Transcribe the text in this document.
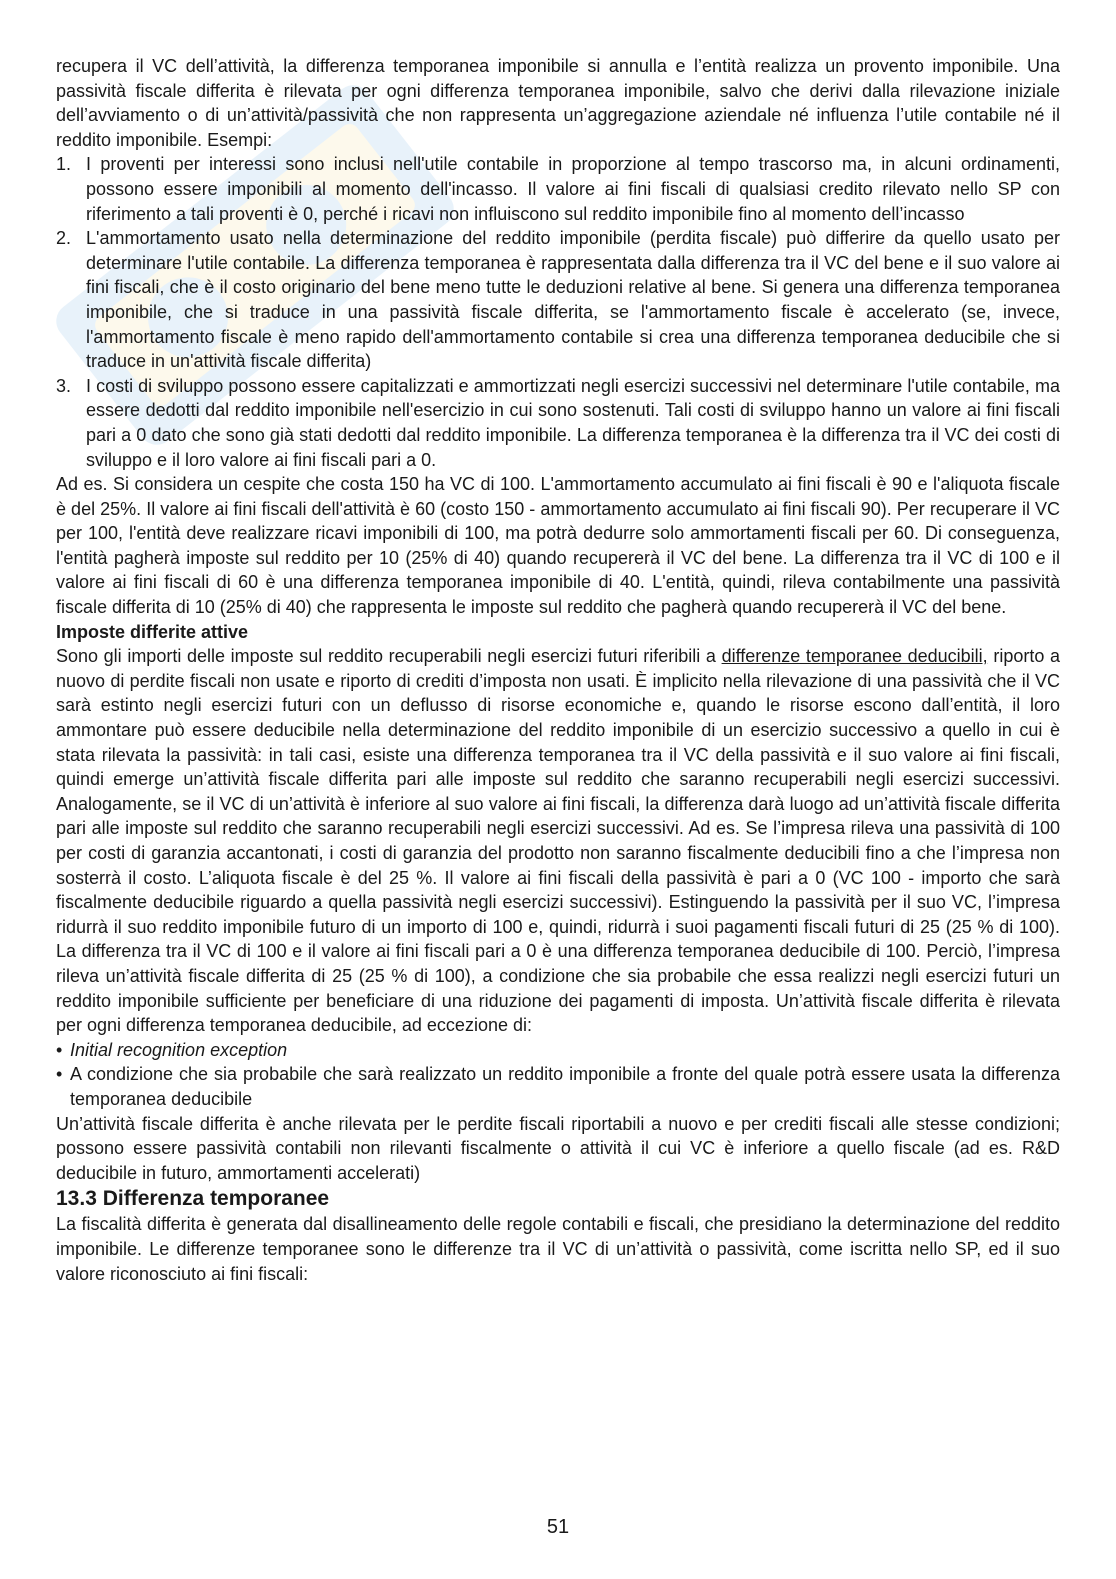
recupera il VC dell’attività, la differenza temporanea imponibile si annulla e l’entità realizza un provento imponibile. Una passività fiscale differita è rilevata per ogni differenza temporanea imponibile, salvo che derivi dalla rilevazione iniziale dell’avviamento o di un’attività/passività che non rappresenta un’aggregazione aziendale né influenza l’utile contabile né il reddito imponibile. Esempi:

1. I proventi per interessi sono inclusi nell'utile contabile in proporzione al tempo trascorso ma, in alcuni ordinamenti, possono essere imponibili al momento dell'incasso. Il valore ai fini fiscali di qualsiasi credito rilevato nello SP con riferimento a tali proventi è 0, perché i ricavi non influiscono sul reddito imponibile fino al momento dell’incasso
2. L'ammortamento usato nella determinazione del reddito imponibile (perdita fiscale) può differire da quello usato per determinare l'utile contabile. La differenza temporanea è rappresentata dalla differenza tra il VC del bene e il suo valore ai fini fiscali, che è il costo originario del bene meno tutte le deduzioni relative al bene. Si genera una differenza temporanea imponibile, che si traduce in una passività fiscale differita, se l'ammortamento fiscale è accelerato (se, invece, l'ammortamento fiscale è meno rapido dell'ammortamento contabile si crea una differenza temporanea deducibile che si traduce in un'attività fiscale differita)
3. I costi di sviluppo possono essere capitalizzati e ammortizzati negli esercizi successivi nel determinare l'utile contabile, ma essere dedotti dal reddito imponibile nell'esercizio in cui sono sostenuti. Tali costi di sviluppo hanno un valore ai fini fiscali pari a 0 dato che sono già stati dedotti dal reddito imponibile. La differenza temporanea è la differenza tra il VC dei costi di sviluppo e il loro valore ai fini fiscali pari a 0.

Ad es. Si considera un cespite che costa 150 ha VC di 100. L'ammortamento accumulato ai fini fiscali è 90 e l'aliquota fiscale è del 25%. Il valore ai fini fiscali dell'attività è 60 (costo 150 - ammortamento accumulato ai fini fiscali 90). Per recuperare il VC per 100, l'entità deve realizzare ricavi imponibili di 100, ma potrà dedurre solo ammortamenti fiscali per 60. Di conseguenza, l'entità pagherà imposte sul reddito per 10 (25% di 40) quando recupererà il VC del bene. La differenza tra il VC di 100 e il valore ai fini fiscali di 60 è una differenza temporanea imponibile di 40. L'entità, quindi, rileva contabilmente una passività fiscale differita di 10 (25% di 40) che rappresenta le imposte sul reddito che pagherà quando recupererà il VC del bene.

Imposte differite attive

Sono gli importi delle imposte sul reddito recuperabili negli esercizi futuri riferibili a differenze temporanee deducibili, riporto a nuovo di perdite fiscali non usate e riporto di crediti d’imposta non usati. È implicito nella rilevazione di una passività che il VC sarà estinto negli esercizi futuri con un deflusso di risorse economiche e, quando le risorse escono dall’entità, il loro ammontare può essere deducibile nella determinazione del reddito imponibile di un esercizio successivo a quello in cui è stata rilevata la passività: in tali casi, esiste una differenza temporanea tra il VC della passività e il suo valore ai fini fiscali, quindi emerge un’attività fiscale differita pari alle imposte sul reddito che saranno recuperabili negli esercizi successivi. Analogamente, se il VC di un’attività è inferiore al suo valore ai fini fiscali, la differenza darà luogo ad un’attività fiscale differita pari alle imposte sul reddito che saranno recuperabili negli esercizi successivi. Ad es. Se l’impresa rileva una passività di 100 per costi di garanzia accantonati, i costi di garanzia del prodotto non saranno fiscalmente deducibili fino a che l’impresa non sosterrà il costo. L’aliquota fiscale è del 25 %. Il valore ai fini fiscali della passività è pari a 0 (VC 100 - importo che sarà fiscalmente deducibile riguardo a quella passività negli esercizi successivi). Estinguendo la passività per il suo VC, l’impresa ridurrà il suo reddito imponibile futuro di un importo di 100 e, quindi, ridurrà i suoi pagamenti fiscali futuri di 25 (25 % di 100). La differenza tra il VC di 100 e il valore ai fini fiscali pari a 0 è una differenza temporanea deducibile di 100. Perciò, l’impresa rileva un’attività fiscale differita di 25 (25 % di 100), a condizione che sia probabile che essa realizzi negli esercizi futuri un reddito imponibile sufficiente per beneficiare di una riduzione dei pagamenti di imposta. Un’attività fiscale differita è rilevata per ogni differenza temporanea deducibile, ad eccezione di:

• Initial recognition exception
• A condizione che sia probabile che sarà realizzato un reddito imponibile a fronte del quale potrà essere usata la differenza temporanea deducibile

Un’attività fiscale differita è anche rilevata per le perdite fiscali riportabili a nuovo e per crediti fiscali alle stesse condizioni; possono essere passività contabili non rilevanti fiscalmente o attività il cui VC è inferiore a quello fiscale (ad es. R&D deducibile in futuro, ammortamenti accelerati)

13.3 Differenza temporanee

La fiscalità differita è generata dal disallineamento delle regole contabili e fiscali, che presidiano la determinazione del reddito imponibile. Le differenze temporanee sono le differenze tra il VC di un’attività o passività, come iscritta nello SP, ed il suo valore riconosciuto ai fini fiscali:

51
